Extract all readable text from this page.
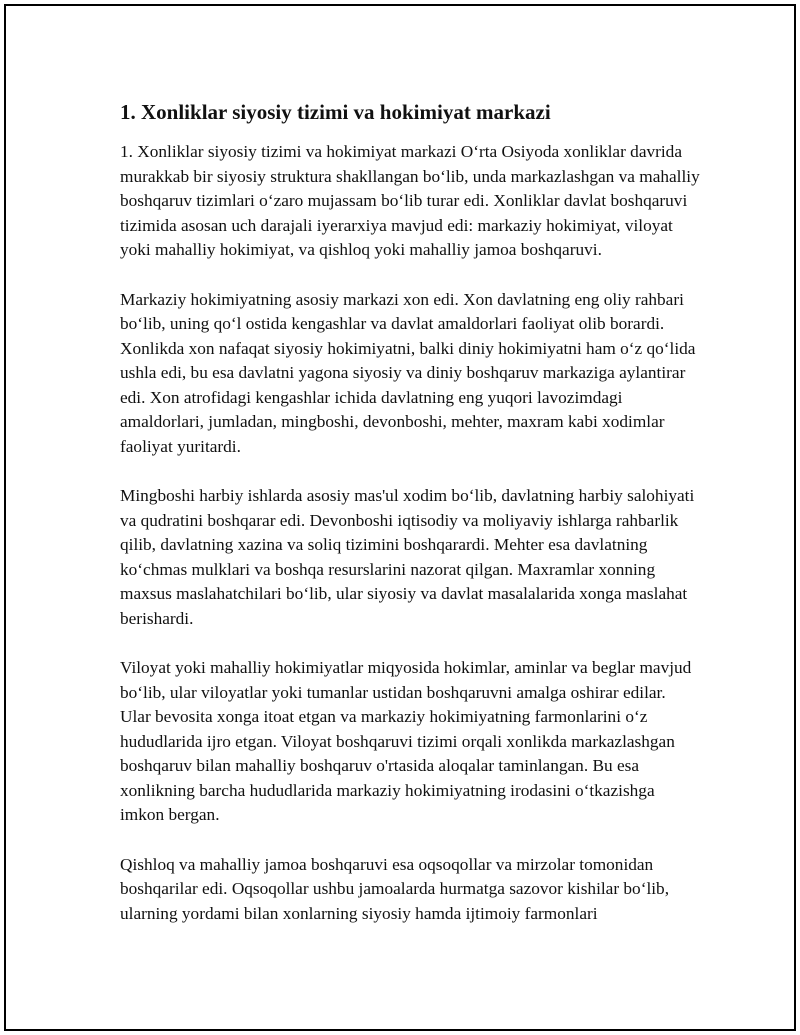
1. Xonliklar siyosiy tizimi va hokimiyat markazi

1. Xonliklar siyosiy tizimi va hokimiyat markazi O‘rta Osiyoda xonliklar davrida murakkab bir siyosiy struktura shakllangan bo‘lib, unda markazlashgan va mahalliy boshqaruv tizimlari o‘zaro mujassam bo‘lib turar edi. Xonliklar davlat boshqaruvi tizimida asosan uch darajali iyerarxiya mavjud edi: markaziy hokimiyat, viloyat yoki mahalliy hokimiyat, va qishloq yoki mahalliy jamoa boshqaruvi.

Markaziy hokimiyatning asosiy markazi xon edi. Xon davlatning eng oliy rahbari bo‘lib, uning qo‘l ostida kengashlar va davlat amaldorlari faoliyat olib borardi. Xonlikda xon nafaqat siyosiy hokimiyatni, balki diniy hokimiyatni ham o‘z qo‘lida ushla edi, bu esa davlatni yagona siyosiy va diniy boshqaruv markaziga aylantirar edi. Xon atrofidagi kengashlar ichida davlatning eng yuqori lavozimdagi amaldorlari, jumladan, mingboshi, devonboshi, mehter, maxram kabi xodimlar faoliyat yuritardi.

Mingboshi harbiy ishlarda asosiy mas'ul xodim bo‘lib, davlatning harbiy salohiyati va qudratini boshqarar edi. Devonboshi iqtisodiy va moliyaviy ishlarga rahbarlik qilib, davlatning xazina va soliq tizimini boshqarardi. Mehter esa davlatning ko‘chmas mulklari va boshqa resurslarini nazorat qilgan. Maxramlar xonning maxsus maslahatchilari bo‘lib, ular siyosiy va davlat masalalarida xonga maslahat berishardi.

Viloyat yoki mahalliy hokimiyatlar miqyosida hokimlar, aminlar va beglar mavjud bo‘lib, ular viloyatlar yoki tumanlar ustidan boshqaruvni amalga oshirar edilar. Ular bevosita xonga itoat etgan va markaziy hokimiyatning farmonlarini o‘z hududlarida ijro etgan. Viloyat boshqaruvi tizimi orqali xonlikda markazlashgan boshqaruv bilan mahalliy boshqaruv o'rtasida aloqalar taminlangan. Bu esa xonlikning barcha hududlarida markaziy hokimiyatning irodasini o‘tkazishga imkon bergan.

Qishloq va mahalliy jamoa boshqaruvi esa oqsoqollar va mirzolar tomonidan boshqarilar edi. Oqsoqollar ushbu jamoalarda hurmatga sazovor kishilar bo‘lib, ularning yordami bilan xonlarning siyosiy hamda ijtimoiy farmonlari
